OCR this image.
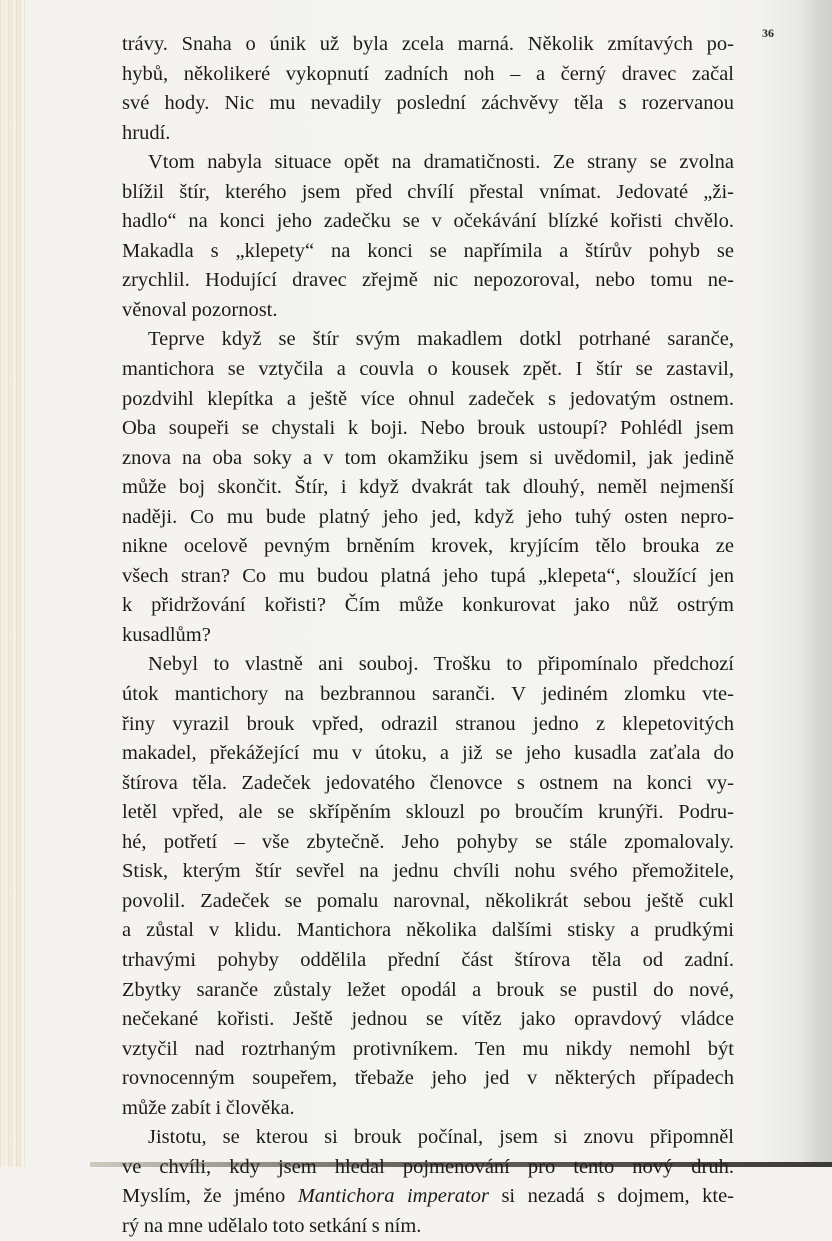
36
trávy. Snaha o únik už byla zcela marná. Několik zmítavých po-
hybů, několikeré vykopnutí zadních noh – a černý dravec začal
své hody. Nic mu nevadily poslední záchvěvy těla s rozervanou
hrudí.
Vtom nabyla situace opět na dramatičnosti. Ze strany se zvolna
blížil štír, kterého jsem před chvílí přestal vnímat. Jedovaté „ži-
hadlo“ na konci jeho zadečku se v očekávání blízké kořisti chvělo.
Makadla s „klepety“ na konci se napřímila a štírův pohyb se
zrychlil. Hodující dravec zřejmě nic nepozoroval, nebo tomu ne-
věnoval pozornost.
Teprve když se štír svým makadlem dotkl potrhané saranče,
mantichora se vztyčila a couvla o kousek zpět. I štír se zastavil,
pozdvihl klepítka a ještě více ohnul zadeček s jedovatým ostnem.
Oba soupeři se chystali k boji. Nebo brouk ustoupí? Pohlédl jsem
znova na oba soky a v tom okamžiku jsem si uvědomil, jak jedině
může boj skončit. Štír, i když dvakrát tak dlouhý, neměl nejmenší
naději. Co mu bude platný jeho jed, když jeho tuhý osten nepro-
nikne ocelově pevným brněním krovek, kryjícím tělo brouka ze
všech stran? Co mu budou platná jeho tupá „klepeta“, sloužící jen
k přidržování kořisti? Čím může konkurovat jako nůž ostrým
kusadlům?
Nebyl to vlastně ani souboj. Trošku to připomínalo předchozí
útok mantichory na bezbrannou saranči. V jediném zlomku vte-
řiny vyrazil brouk vpřed, odrazil stranou jedno z klepetovitých
makadel, překážející mu v útoku, a již se jeho kusadla zaťala do
štírova těla. Zadeček jedovatého členovce s ostnem na konci vy-
letěl vpřed, ale se skřípěním sklouzl po broučím krunýři. Podru-
hé, potřetí – vše zbytečně. Jeho pohyby se stále zpomalovaly.
Stisk, kterým štír sevřel na jednu chvíli nohu svého přemožitele,
povolil. Zadeček se pomalu narovnal, několikrát sebou ještě cukl
a zůstal v klidu. Mantichora několika dalšími stisky a prudkými
trhavými pohyby oddělila přední část štírova těla od zadní.
Zbytky saranče zůstaly ležet opodál a brouk se pustil do nové,
nečekané kořisti. Ještě jednou se vítěz jako opravdový vládce
vztyčil nad roztrhaným protivníkem. Ten mu nikdy nemohl být
rovnocenným soupeřem, třebaže jeho jed v některých případech
může zabít i člověka.
Jistotu, se kterou si brouk počínal, jsem si znovu připomněl
ve chvíli, kdy jsem hledal pojmenování pro tento nový druh.
Myslím, že jméno Mantichora imperator si nezadá s dojmem, kte-
rý na mne udělalo toto setkání s ním.
